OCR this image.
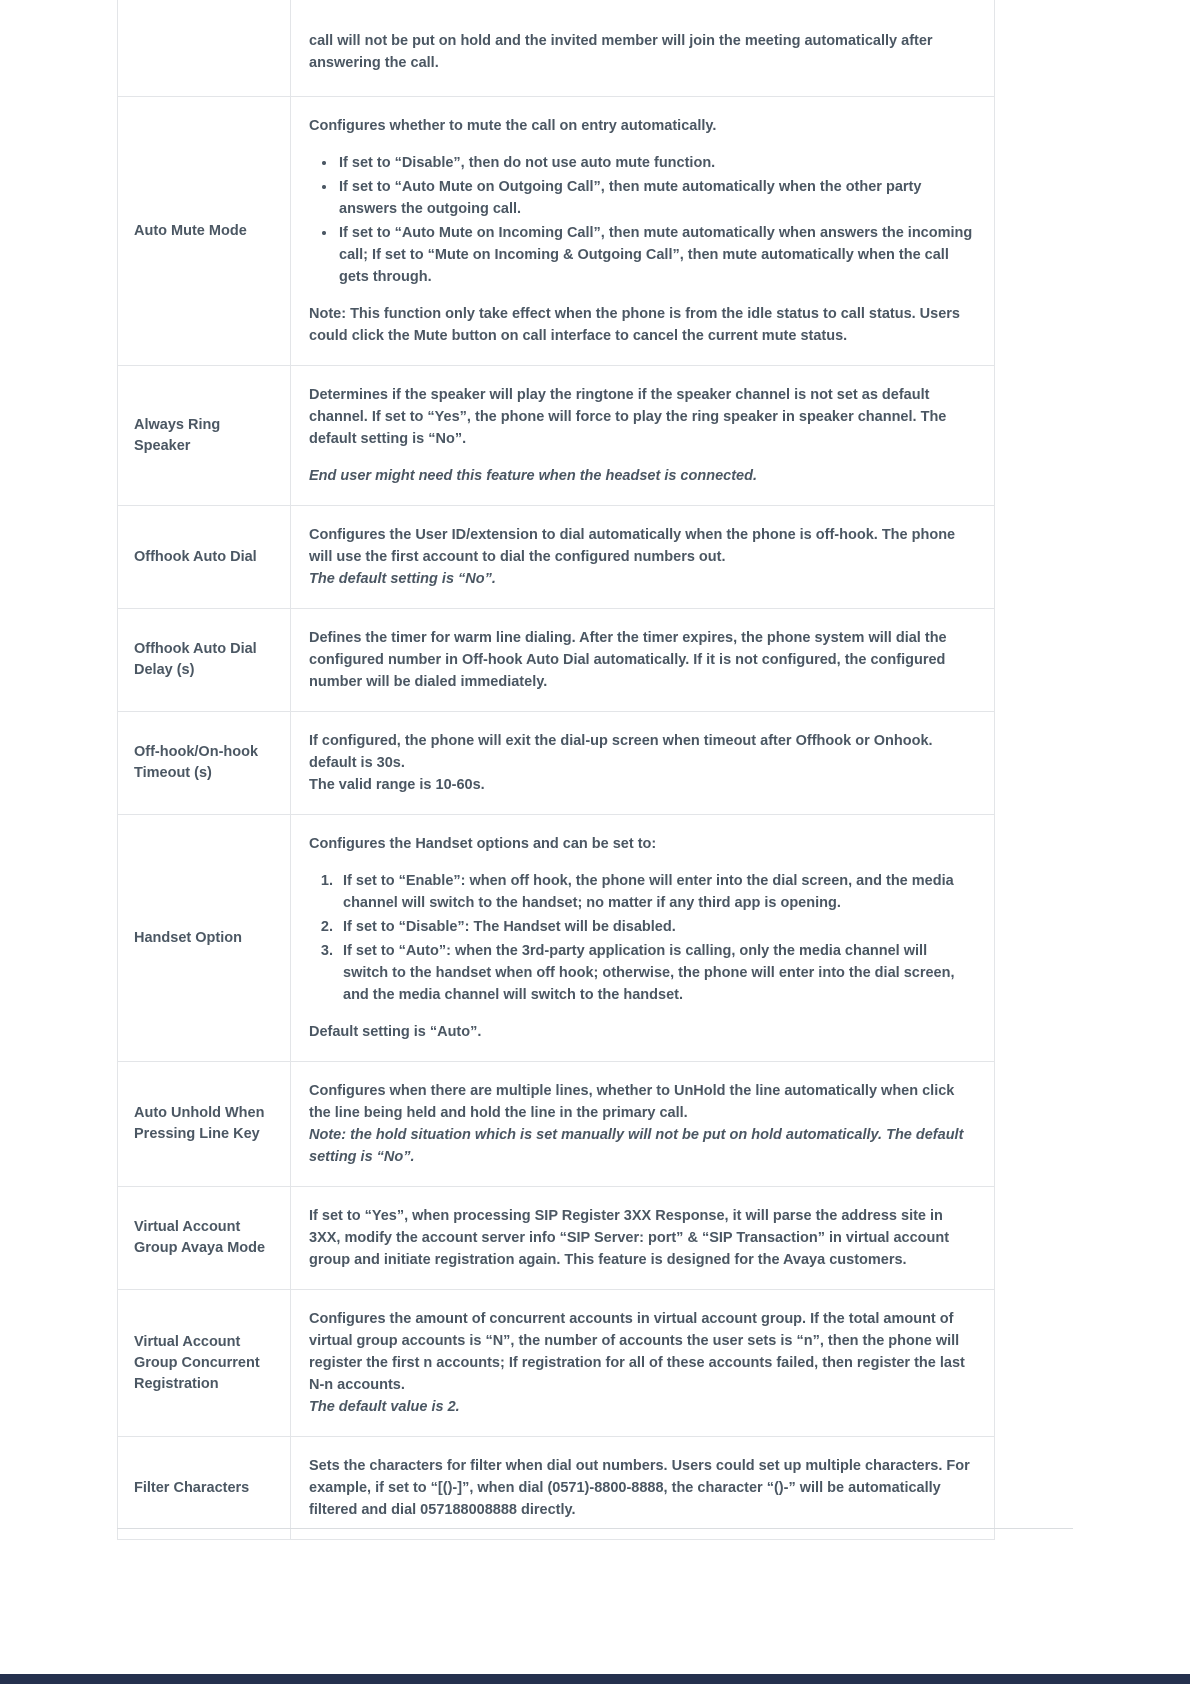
call will not be put on hold and the invited member will join the meeting automatically after answering the call.

Auto Mute Mode

Configures whether to mute the call on entry automatically.

• If set to “Disable”, then do not use auto mute function.
• If set to “Auto Mute on Outgoing Call”, then mute automatically when the other party answers the outgoing call.
• If set to “Auto Mute on Incoming Call”, then mute automatically when answers the incoming call; If set to “Mute on Incoming & Outgoing Call”, then mute automatically when the call gets through.

Note: This function only take effect when the phone is from the idle status to call status. Users could click the Mute button on call interface to cancel the current mute status.

Always Ring Speaker

Determines if the speaker will play the ringtone if the speaker channel is not set as default channel. If set to “Yes”, the phone will force to play the ring speaker in speaker channel. The default setting is “No”.

End user might need this feature when the headset is connected.

Offhook Auto Dial

Configures the User ID/extension to dial automatically when the phone is off-hook. The phone will use the first account to dial the configured numbers out.

The default setting is “No”.

Offhook Auto Dial Delay (s)

Defines the timer for warm line dialing. After the timer expires, the phone system will dial the configured number in Off-hook Auto Dial automatically. If it is not configured, the configured number will be dialed immediately.

Off-hook/On-hook Timeout (s)

If configured, the phone will exit the dial-up screen when timeout after Offhook or Onhook. default is 30s.

The valid range is 10-60s.

Handset Option

Configures the Handset options and can be set to:

1. If set to “Enable”: when off hook, the phone will enter into the dial screen, and the media channel will switch to the handset; no matter if any third app is opening.
2. If set to “Disable”: The Handset will be disabled.
3. If set to “Auto”: when the 3rd-party application is calling, only the media channel will switch to the handset when off hook; otherwise, the phone will enter into the dial screen, and the media channel will switch to the handset.

Default setting is “Auto”.

Auto Unhold When Pressing Line Key

Configures when there are multiple lines, whether to UnHold the line automatically when click the line being held and hold the line in the primary call.

Note: the hold situation which is set manually will not be put on hold automatically. The default setting is “No”.

Virtual Account Group Avaya Mode

If set to “Yes”, when processing SIP Register 3XX Response, it will parse the address site in 3XX, modify the account server info “SIP Server: port” & “SIP Transaction” in virtual account group and initiate registration again. This feature is designed for the Avaya customers.

Virtual Account Group Concurrent Registration

Configures the amount of concurrent accounts in virtual account group. If the total amount of virtual group accounts is “N”, the number of accounts the user sets is “n”, then the phone will register the first n accounts; If registration for all of these accounts failed, then register the last N-n accounts.

The default value is 2.

Filter Characters

Sets the characters for filter when dial out numbers. Users could set up multiple characters. For example, if set to “[()-]”, when dial (0571)-8800-8888, the character “()-” will be automatically filtered and dial 057188008888 directly.
